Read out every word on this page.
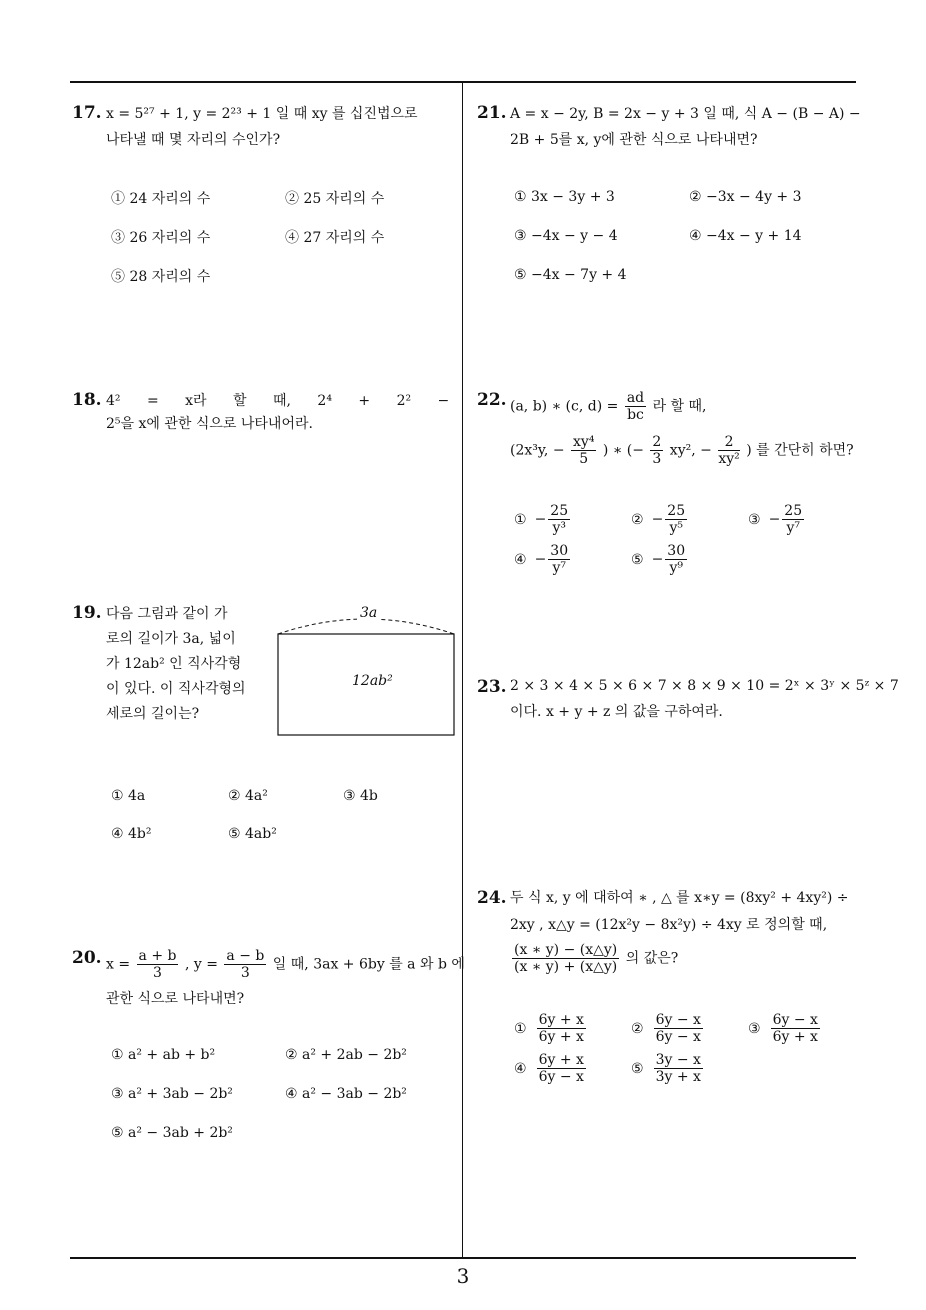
17. x = 5²⁷ + 1, y = 2²³ + 1 일 때 xy 를 십진법으로
나타낼 때 몇 자리의 수인가?
① 24 자리의 수	② 25 자리의 수
③ 26 자리의 수	④ 27 자리의 수
⑤ 28 자리의 수
18. 4² = x라 할 때, 2⁴ + 2² −
2⁵을 x에 관한 식으로 나타내어라.
19. 다음 그림과 같이 가
로의 길이가 3a, 넓이
가 12ab² 인 직사각형
이 있다. 이 직사각형의
세로의 길이는?
3a
12ab²
① 4a	② 4a²	③ 4b
④ 4b²	⑤ 4ab²
20. $x = \frac{a + b}{3}$ , $y = \frac{a - b}{3}$ 일 때, 3ax + 6by 를 a 와 b 에
관한 식으로 나타내면?
① a² + ab + b²	② a² + 2ab − 2b²
③ a² + 3ab − 2b²	④ a² − 3ab − 2b²
⑤ a² − 3ab + 2b²
21. A = x − 2y, B = 2x − y + 3 일 때, 식 A − (B − A) −
2B + 5를 x, y에 관한 식으로 나타내면?
① 3x − 3y + 3	② −3x − 4y + 3
③ −4x − y − 4	④ −4x − y + 14
⑤ −4x − 7y + 4
22. (a, b) ∗ (c, $d) = \frac{ad}{bc}$ 라 할 때,
(2x³y, − $\frac{\text{xy⁴}}{5}$ ) ∗ (− $\frac{2}{3} xy^2$, − $\frac{2}{\text{xy²}}$ ) 를 간단히 하면?
① − $\frac{25}{\text{y³}}$	② − $\frac{25}{\text{y⁵}}$	③ − $\frac{25}{\text{y⁷}}$
④ − $\frac{30}{\text{y⁷}}$	⑤ − $\frac{30}{\text{y⁹}}$
23. 2 × 3 × 4 × 5 × 6 × 7 × 8 × 9 × 10 = 2ˣ × 3ʸ × 5ᶻ × 7
이다. x + y + z 의 값을 구하여라.
24. 두 식 x, y 에 대하여 ∗ , △ 를 x∗y = (8xy² + 4xy²) ÷
2xy , x△y = (12x²y − 8x²y) ÷ 4xy 로 정의할 때,
$\frac{(x ∗ y) - (x\triangle y)}{(x ∗ y) + (x\triangle y)}$ 의 값은?
① $\frac{6y + x}{6y + x}$	② $\frac{6y - x}{6y - x}$	③ $\frac{6y - x}{6y + x}$
④ $\frac{6y + x}{6y - x}$	⑤ $\frac{3y - x}{3y + x}$
3
